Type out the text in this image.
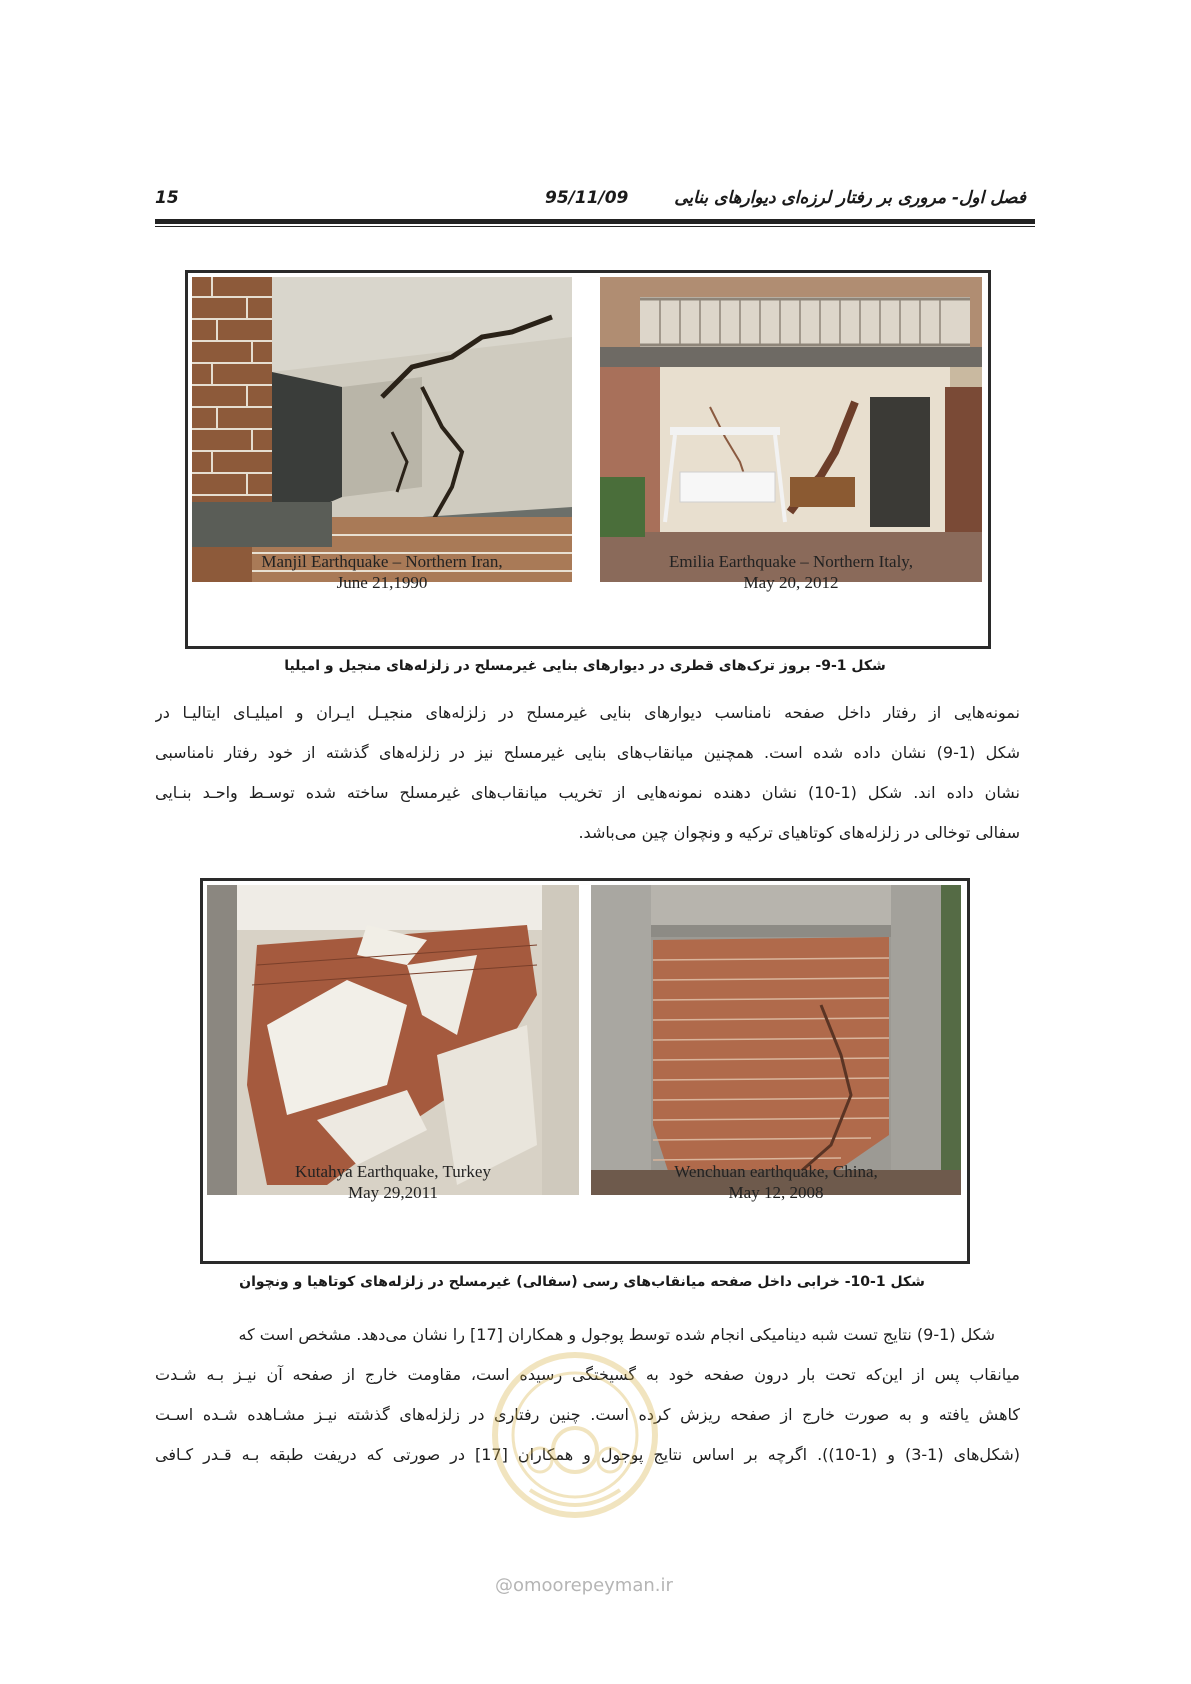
15	95/11/09	فصل اول- مروری بر رفتار لرزه‌ای دیوارهای بنایی
Manjil Earthquake – Northern Iran,
June 21,1990
Emilia Earthquake – Northern Italy,
May 20, 2012
شکل 1-9- بروز ترک‌های قطری در دیوارهای بنایی غیرمسلح در زلزله‌های منجیل و امیلیا
نمونه‌هایی از رفتار داخل صفحه نامناسب دیوارهای بنایی غیرمسلح در زلزله‌های منجیـل ایـران و امیلیـای ایتالیـا در
شکل (1-9) نشان داده شده است. همچنین میانقاب‌های بنایی غیرمسلح نیز در زلزله‌های گذشته از خود رفتار نامناسبی
نشان داده اند. شکل (1-10) نشان دهنده نمونه‌هایی از تخریب میانقاب‌های غیرمسلح ساخته شده توسـط واحـد بنـایی
سفالی توخالی در زلزله‌های کوتاهیای ترکیه و ونچوان چین می‌باشد.
Kutahya Earthquake, Turkey
May 29,2011
Wenchuan earthquake, China,
May 12, 2008
شکل 1-10- خرابی داخل صفحه میانقاب‌های رسی (سفالی) غیرمسلح در زلزله‌های کوتاهیا و ونچوان
شکل (1-9) نتایج تست شبه دینامیکی انجام شده توسط پوجول و همکاران [17] را نشان می‌دهد. مشخص است که
میانقاب پس از این‌که تحت بار درون صفحه خود به گسیختگی رسیده است، مقاومت خارج از صفحه آن نیـز بـه شـدت
کاهش یافته و به صورت خارج از صفحه ریزش کرده است. چنین رفتاری در زلزله‌های گذشته نیـز مشـاهده شـده اسـت
(شکل‌های (1-3) و (1-10)). اگرچه بر اساس نتایج پوجول و همکاران [17] در صورتی که دریفت طبقه بـه قـدر کـافی
@omoorepeyman.ir
